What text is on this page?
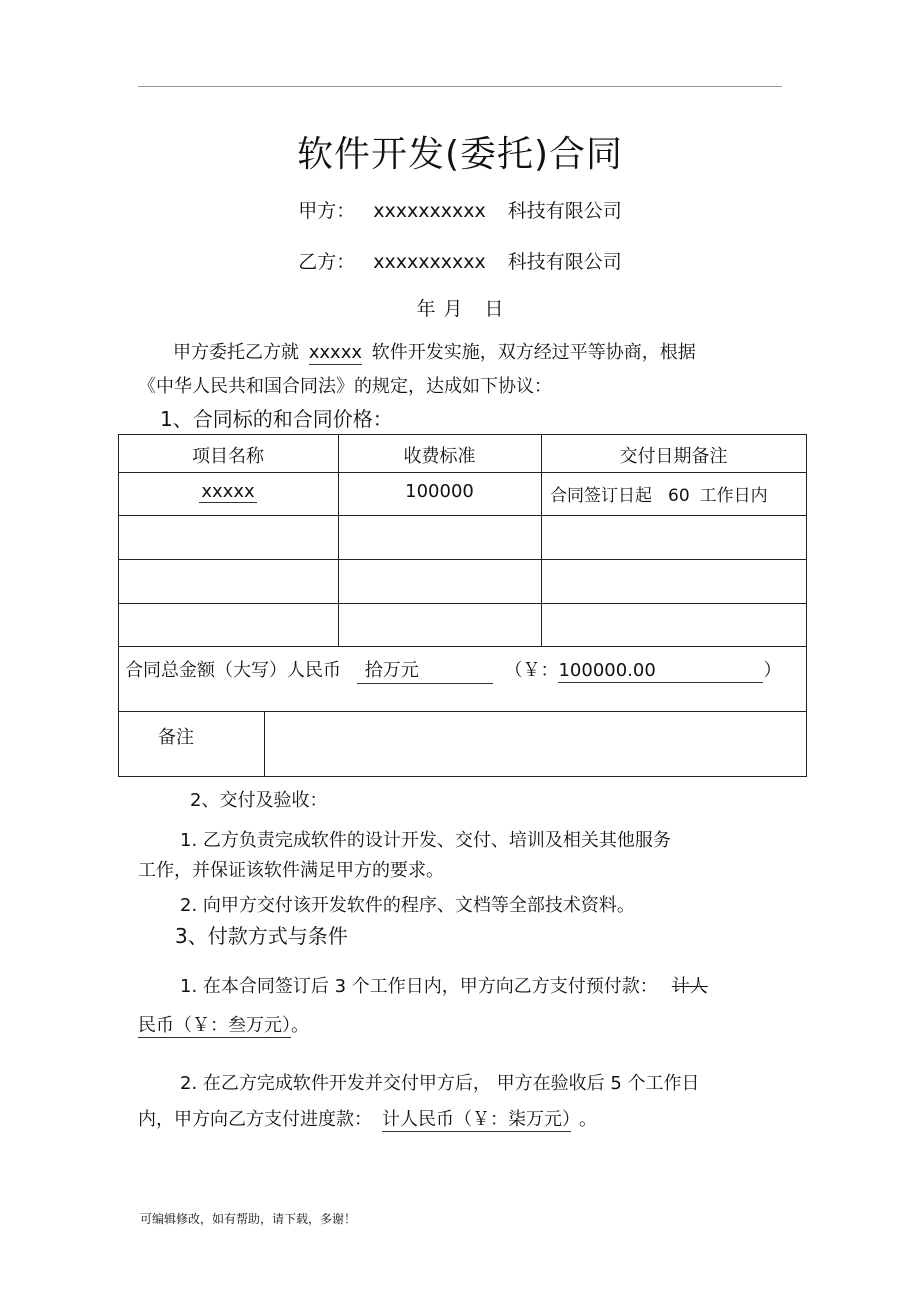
软件开发(委托)合同
甲方： xxxxxxxxxx 科技有限公司
乙方： xxxxxxxxxx 科技有限公司
年 月 日
甲方委托乙方就 xxxxx 软件开发实施，双方经过平等协商，根据
《中华人民共和国合同法》的规定，达成如下协议：
1、合同标的和合同价格：
项目名称	收费标准	交付日期备注
xxxxx	100000	合同签订日起 60 工作日内
合同总金额（大写）人民币 拾万元	（￥：100000.00	）
备注
2、交付及验收：
1. 乙方负责完成软件的设计开发、交付、培训及相关其他服务
工作，并保证该软件满足甲方的要求。
2. 向甲方交付该开发软件的程序、文档等全部技术资料。
3、付款方式与条件
1. 在本合同签订后 3 个工作日内，甲方向乙方支付预付款： 计人
民币（￥：叁万元）。
2. 在乙方完成软件开发并交付甲方后， 甲方在验收后 5 个工作日
内，甲方向乙方支付进度款： 计人民币（￥：柒万元） 。
可编辑修改，如有帮助，请下载，多谢！
